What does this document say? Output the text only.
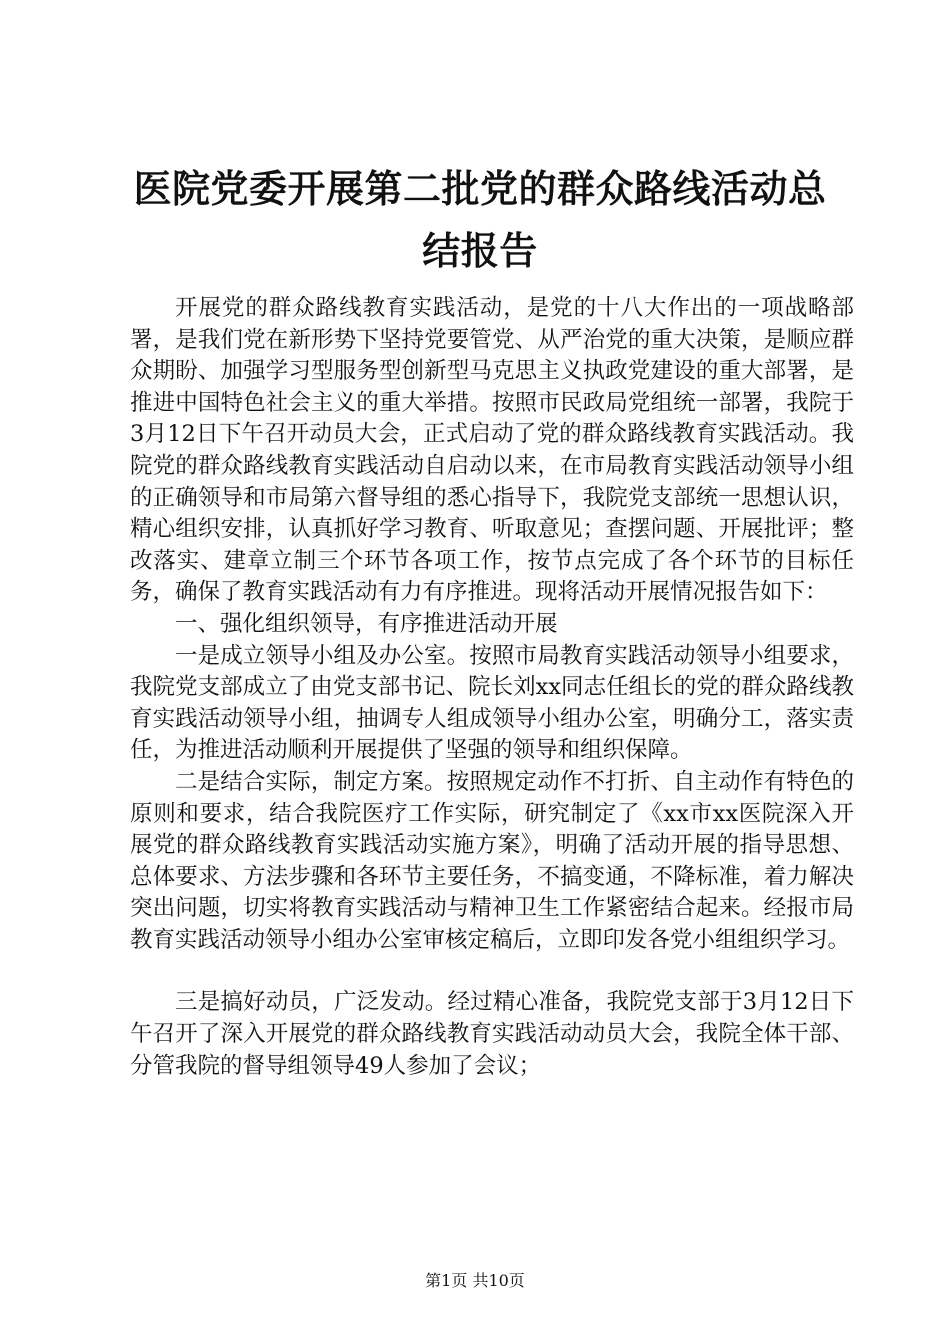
医院党委开展第二批党的群众路线活动总结报告

开展党的群众路线教育实践活动，是党的十八大作出的一项战略部署，是我们党在新形势下坚持党要管党、从严治党的重大决策，是顺应群众期盼、加强学习型服务型创新型马克思主义执政党建设的重大部署，是推进中国特色社会主义的重大举措。按照市民政局党组统一部署，我院于3月12日下午召开动员大会，正式启动了党的群众路线教育实践活动。我院党的群众路线教育实践活动自启动以来，在市局教育实践活动领导小组的正确领导和市局第六督导组的悉心指导下，我院党支部统一思想认识，精心组织安排，认真抓好学习教育、听取意见；查摆问题、开展批评；整改落实、建章立制三个环节各项工作，按节点完成了各个环节的目标任务，确保了教育实践活动有力有序推进。现将活动开展情况报告如下：

一、强化组织领导，有序推进活动开展

一是成立领导小组及办公室。按照市局教育实践活动领导小组要求，我院党支部成立了由党支部书记、院长刘xx同志任组长的党的群众路线教育实践活动领导小组，抽调专人组成领导小组办公室，明确分工，落实责任，为推进活动顺利开展提供了坚强的领导和组织保障。

二是结合实际，制定方案。按照规定动作不打折、自主动作有特色的原则和要求，结合我院医疗工作实际，研究制定了《xx市xx医院深入开展党的群众路线教育实践活动实施方案》，明确了活动开展的指导思想、总体要求、方法步骤和各环节主要任务，不搞变通，不降标准，着力解决突出问题，切实将教育实践活动与精神卫生工作紧密结合起来。经报市局教育实践活动领导小组办公室审核定稿后，立即印发各党小组组织学习。

三是搞好动员，广泛发动。经过精心准备，我院党支部于3月12日下午召开了深入开展党的群众路线教育实践活动动员大会，我院全体干部、分管我院的督导组领导49人参加了会议；

第1页 共10页
